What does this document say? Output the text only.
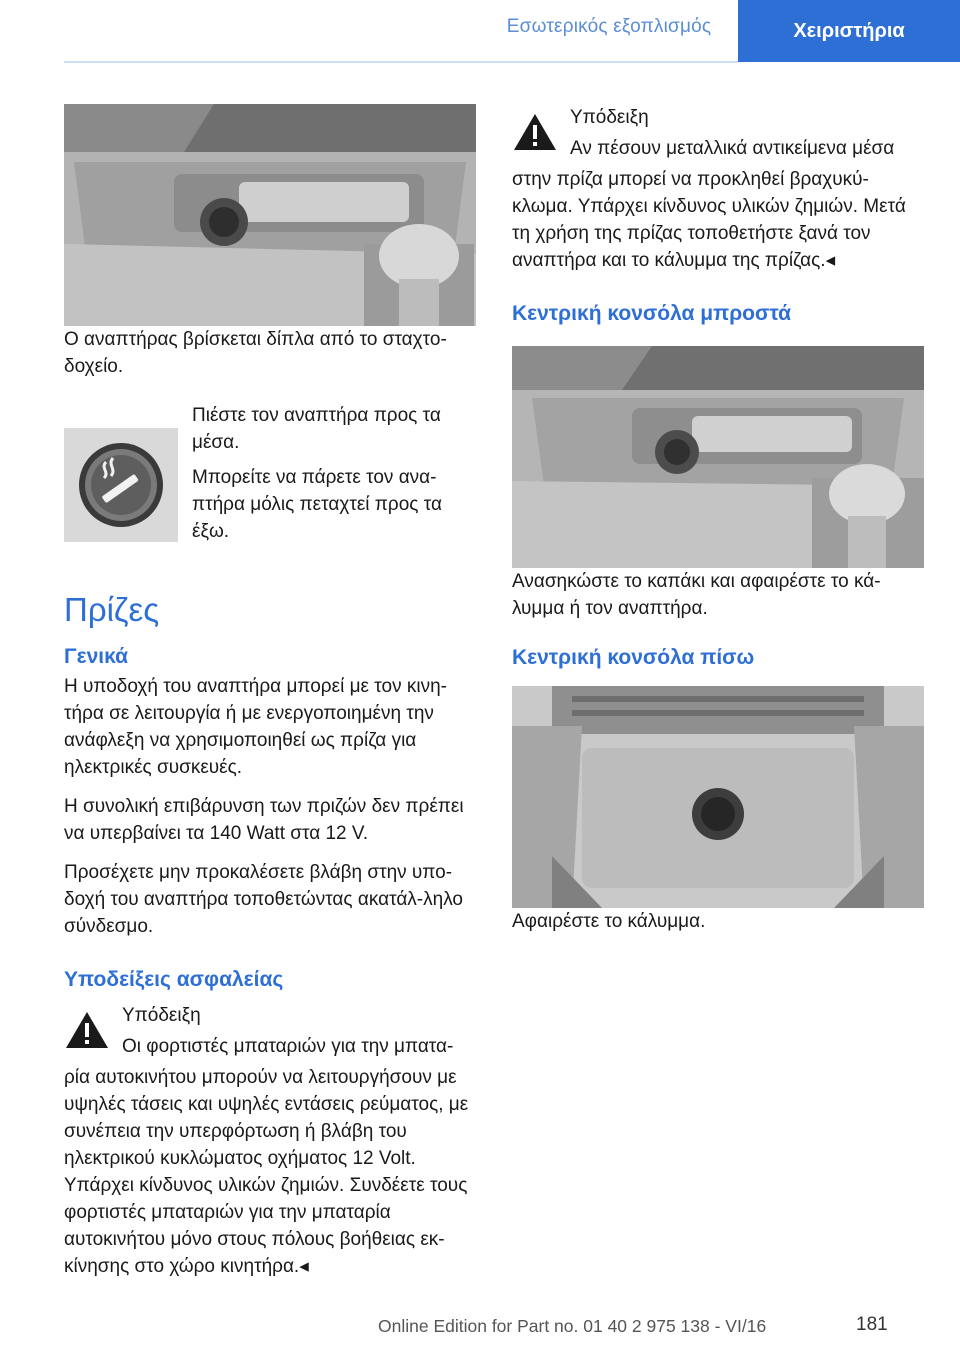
Εσωτερικός εξοπλισμός	Χειριστήρια

Ο αναπτήρας βρίσκεται δίπλα από το σταχτο-δοχείο.

Πιέστε τον αναπτήρα προς τα μέσα.

Μπορείτε να πάρετε τον ανα-πτήρα μόλις πεταχτεί προς τα έξω.

Πρίζες
Γενικά

Η υποδοχή του αναπτήρα μπορεί με τον κινη-τήρα σε λειτουργία ή με ενεργοποιημένη την ανάφλεξη να χρησιμοποιηθεί ως πρίζα για ηλεκτρικές συσκευές.

Η συνολική επιβάρυνση των πριζών δεν πρέπει να υπερβαίνει τα 140 Watt στα 12 V.

Προσέχετε μην προκαλέσετε βλάβη στην υπο-δοχή του αναπτήρα τοποθετώντας ακατάλ-ληλο σύνδεσμο.

Υποδείξεις ασφαλείας

Υπόδειξη

Οι φορτιστές μπαταριών για την μπατα-

ρία αυτοκινήτου μπορούν να λειτουργήσουν με υψηλές τάσεις και υψηλές εντάσεις ρεύματος, με συνέπεια την υπερφόρτωση ή βλάβη του ηλεκτρικού κυκλώματος οχήματος 12 Volt. Υπάρχει κίνδυνος υλικών ζημιών. Συνδέετε τους φορτιστές μπαταριών για την μπαταρία αυτοκινήτου μόνο στους πόλους βοήθειας εκ-κίνησης στο χώρο κινητήρα.◂

Υπόδειξη

Αν πέσουν μεταλλικά αντικείμενα μέσα

στην πρίζα μπορεί να προκληθεί βραχυκύ-κλωμα. Υπάρχει κίνδυνος υλικών ζημιών. Μετά τη χρήση της πρίζας τοποθετήστε ξανά τον αναπτήρα και το κάλυμμα της πρίζας.◂

Κεντρική κονσόλα μπροστά

Ανασηκώστε το καπάκι και αφαιρέστε το κά-λυμμα ή τον αναπτήρα.

Κεντρική κονσόλα πίσω

Αφαιρέστε το κάλυμμα.

Online Edition for Part no. 01 40 2 975 138 - VI/16	181
